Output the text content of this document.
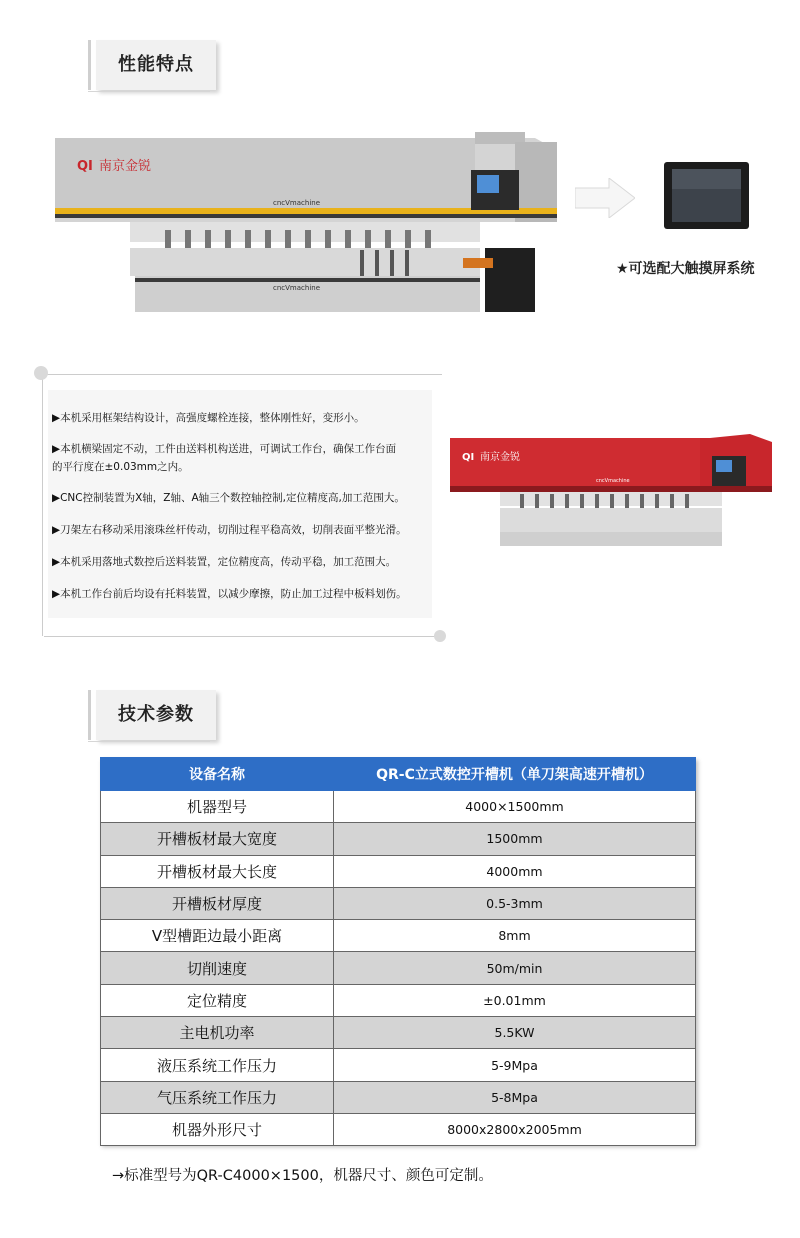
性能特点
QI 南京金锐
cncVmachine
cncVmachine
★可选配大触摸屏系统
▶本机采用框架结构设计，高强度螺栓连接，整体刚性好，变形小。
▶本机横梁固定不动，工件由送料机构送进，可调试工作台，确保工作台面
的平行度在±0.03mm之内。
▶CNC控制装置为X轴，Z轴、A轴三个数控轴控制,定位精度高,加工范围大。
▶刀架左右移动采用滚珠丝杆传动，切削过程平稳高效，切削表面平整光滑。
▶本机采用落地式数控后送料装置，定位精度高，传动平稳，加工范围大。
▶本机工作台前后均设有托料装置，以减少摩擦，防止加工过程中板料划伤。
QI 南京金锐
cncVmachine
技术参数
设备名称	QR-C立式数控开槽机（单刀架高速开槽机）
机器型号	4000×1500mm
开槽板材最大宽度	1500mm
开槽板材最大长度	4000mm
开槽板材厚度	0.5-3mm
V型槽距边最小距离	8mm
切削速度	50m/min
定位精度	±0.01mm
主电机功率	5.5KW
液压系统工作压力	5-9Mpa
气压系统工作压力	5-8Mpa
机器外形尺寸	8000x2800x2005mm
→标准型号为QR-C4000×1500，机器尺寸、颜色可定制。
